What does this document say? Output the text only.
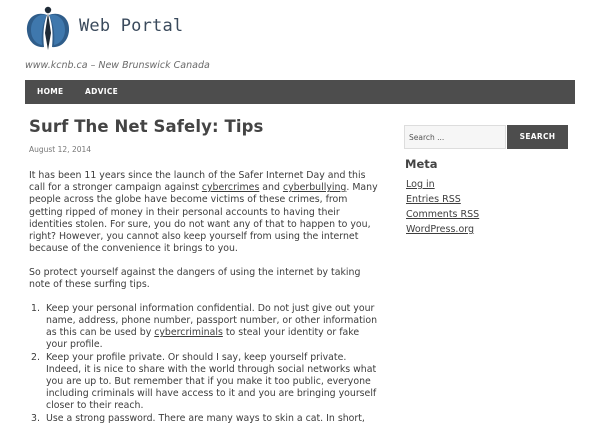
Web Portal
www.kcnb.ca – New Brunswick Canada
HOME	ADVICE
Surf The Net Safely: Tips
August 12, 2014

It has been 11 years since the launch of the Safer Internet Day and this call for a stronger campaign against cybercrimes and cyberbullying. Many people across the globe have become victims of these crimes, from getting ripped of money in their personal accounts to having their identities stolen. For sure, you do not want any of that to happen to you, right? However, you cannot also keep yourself from using the internet because of the convenience it brings to you.

So protect yourself against the dangers of using the internet by taking note of these surfing tips.

1. Keep your personal information confidential. Do not just give out your name, address, phone number, passport number, or other information as this can be used by cybercriminals to steal your identity or fake your profile.
2. Keep your profile private. Or should I say, keep yourself private. Indeed, it is nice to share with the world through social networks what you are up to. But remember that if you make it too public, everyone including criminals will have access to it and you are bringing yourself closer to their reach.
3. Use a strong password. There are many ways to skin a cat. In short,
Search ...
SEARCH
Meta
Log in
Entries RSS
Comments RSS
WordPress.org
